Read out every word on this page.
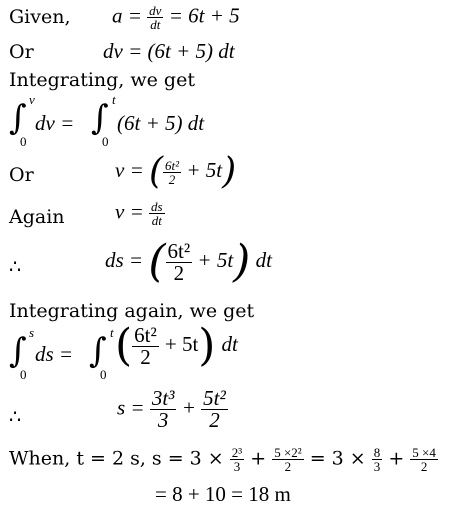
Given, $a = \frac{dv}{dt} = 6t + 5$
Or	dv = (6t + 5) dt
Integrating, we get
∫ v
0
dv = ∫ t
0
(6t + 5) dt
Or	v = ( $\frac{\text{6t²}}{2} + 5t$)
Again $v = \frac{ds}{dt}$
∴	ds = ( $\frac{\text{6t²}}{2} + 5t$) dt
Integrating again, we get
∫ s
0
ds = ∫ t
0
( $\frac{\text{6t²}}{2} + 5t$) dt
∴	$s = \frac{\text{3t³}}{3} + \frac{\text{5t²}}{2}$
When, t = 2 s, $s = 3 \times \frac{\text{2³}}{3} + \frac{\text{5 ×2²}}{2} = 3 \times \frac{8}{3} + \frac{5 \times 4}{2}$
= 8 + 10 = 18 m
